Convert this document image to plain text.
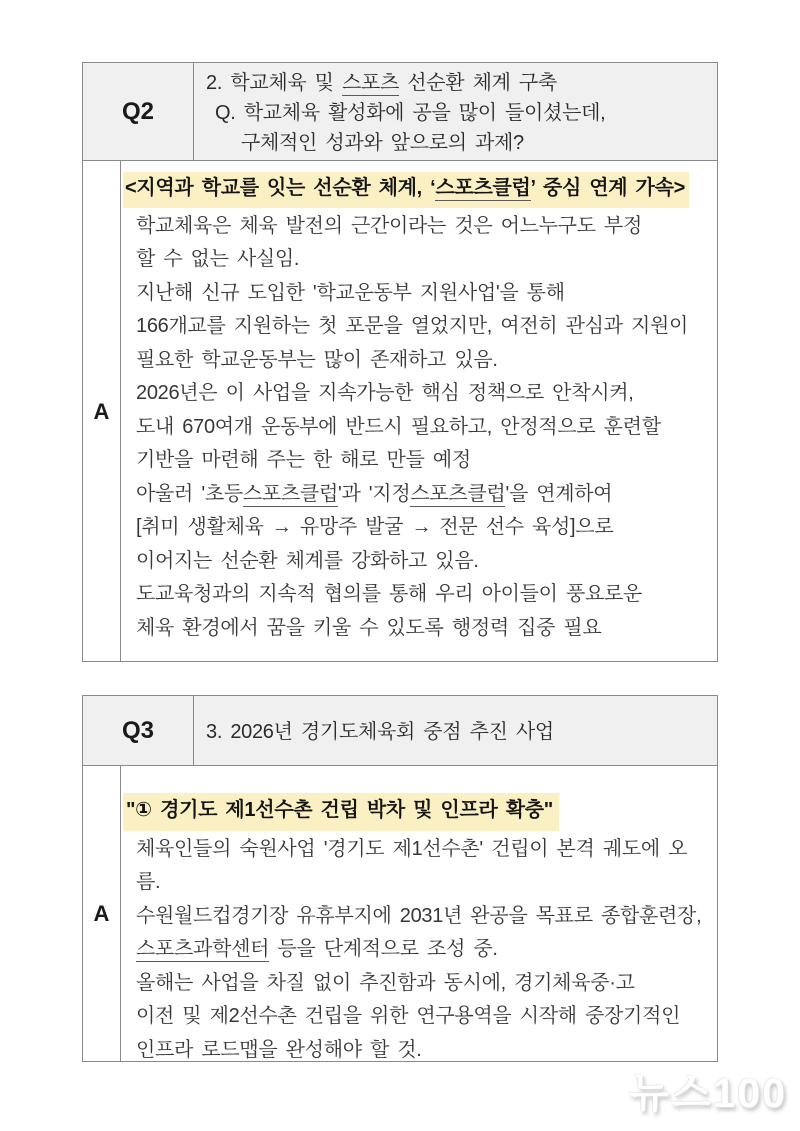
Q2
2. 학교체육 및 스포츠 선순환 체계 구축
Q. 학교체육 활성화에 공을 많이 들이셨는데,
구체적인 성과와 앞으로의 과제?
A
<지역과 학교를 잇는 선순환 체계, ‘스포츠클럽’ 중심 연계 가속>
학교체육은 체육 발전의 근간이라는 것은 어느누구도 부정
할 수 없는 사실임.
지난해 신규 도입한 '학교운동부 지원사업'을 통해
166개교를 지원하는 첫 포문을 열었지만, 여전히 관심과 지원이
필요한 학교운동부는 많이 존재하고 있음.
2026년은 이 사업을 지속가능한 핵심 정책으로 안착시켜,
도내 670여개 운동부에 반드시 필요하고, 안정적으로 훈련할
기반을 마련해 주는 한 해로 만들 예정
아울러 '초등스포츠클럽'과 '지정스포츠클럽'을 연계하여
[취미 생활체육 → 유망주 발굴 → 전문 선수 육성]으로
이어지는 선순환 체계를 강화하고 있음.
도교육청과의 지속적 협의를 통해 우리 아이들이 풍요로운
체육 환경에서 꿈을 키울 수 있도록 행정력 집중 필요
Q3	3. 2026년 경기도체육회 중점 추진 사업
A
"① 경기도 제1선수촌 건립 박차 및 인프라 확충"
체육인들의 숙원사업 '경기도 제1선수촌' 건립이 본격 궤도에 오름.
수원월드컵경기장 유휴부지에 2031년 완공을 목표로 종합훈련장,
스포츠과학센터 등을 단계적으로 조성 중.
올해는 사업을 차질 없이 추진함과 동시에, 경기체육중·고
이전 및 제2선수촌 건립을 위한 연구용역을 시작해 중장기적인
인프라 로드맵을 완성해야 할 것.
뉴스100
